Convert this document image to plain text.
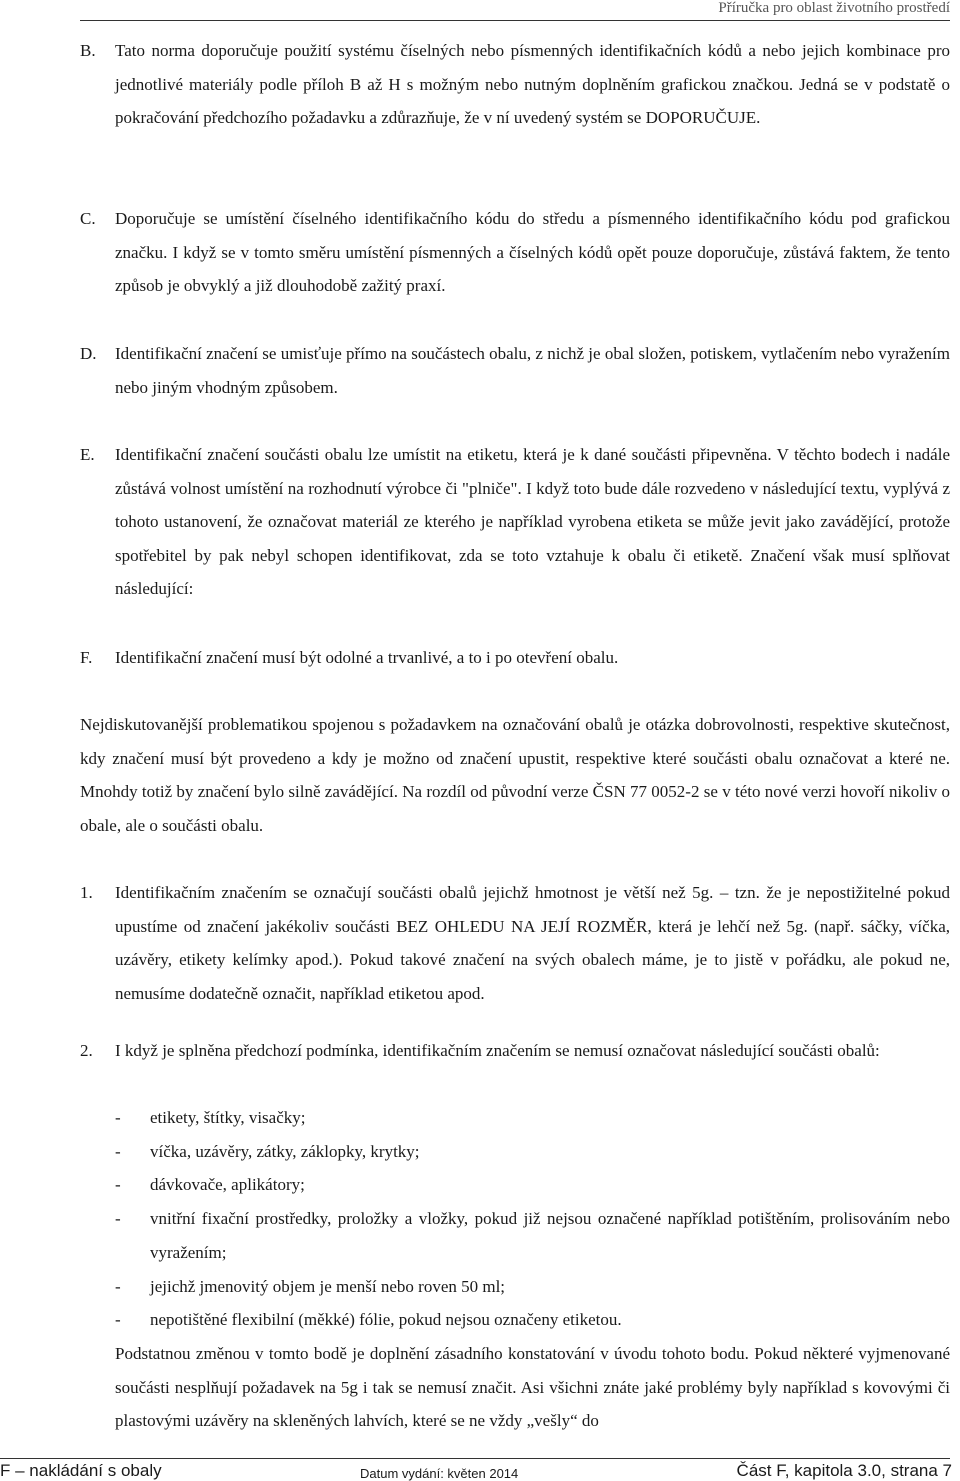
Příručka pro oblast životního prostředí
B. Tato norma doporučuje použití systému číselných nebo písmenných identifikačních kódů a nebo jejich kombinace pro jednotlivé materiály podle příloh B až H s možným nebo nutným doplněním grafickou značkou. Jedná se v podstatě o pokračování předchozího požadavku a zdůrazňuje, že v ní uvedený systém se DOPORUČUJE.
C. Doporučuje se umístění číselného identifikačního kódu do středu a písmenného identifikačního kódu pod grafickou značku. I když se v tomto směru umístění písmenných a číselných kódů opět pouze doporučuje, zůstává faktem, že tento způsob je obvyklý a již dlouhodobě zažitý praxí.
D. Identifikační značení se umisťuje přímo na součástech obalu, z nichž je obal složen, potiskem, vytlačením nebo vyražením nebo jiným vhodným způsobem.
E. Identifikační značení součásti obalu lze umístit na etiketu, která je k dané součásti připevněna. V těchto bodech i nadále zůstává volnost umístění na rozhodnutí výrobce či "plniče". I když toto bude dále rozvedeno v následující textu, vyplývá z tohoto ustanovení, že označovat materiál ze kterého je například vyrobena etiketa se může jevit jako zavádějící, protože spotřebitel by pak nebyl schopen identifikovat, zda se toto vztahuje k obalu či etiketě. Značení však musí splňovat následující:
F. Identifikační značení musí být odolné a trvanlivé, a to i po otevření obalu.

Nejdiskutovanější problematikou spojenou s požadavkem na označování obalů je otázka dobrovolnosti, respektive skutečnost, kdy značení musí být provedeno a kdy je možno od značení upustit, respektive které součásti obalu označovat a které ne. Mnohdy totiž by značení bylo silně zavádějící. Na rozdíl od původní verze ČSN 77 0052-2 se v této nové verzi hovoří nikoliv o obale, ale o součásti obalu.

1. Identifikačním značením se označují součásti obalů jejichž hmotnost je větší než 5g. – tzn. že je nepostižitelné pokud upustíme od značení jakékoliv součásti BEZ OHLEDU NA JEJÍ ROZMĚR, která je lehčí než 5g. (např. sáčky, víčka, uzávěry, etikety kelímky apod.). Pokud takové značení na svých obalech máme, je to jistě v pořádku, ale pokud ne, nemusíme dodatečně označit, například etiketou apod.
2. I když je splněna předchozí podmínka, identifikačním značením se nemusí označovat následující součásti obalů:
- etikety, štítky, visačky;
- víčka, uzávěry, zátky, záklopky, krytky;
- dávkovače, aplikátory;
- vnitřní fixační prostředky, proložky a vložky, pokud již nejsou označené například potištěním, prolisováním nebo vyražením;
- jejichž jmenovitý objem je menší nebo roven 50 ml;
- nepotištěné flexibilní (měkké) fólie, pokud nejsou označeny etiketou.

Podstatnou změnou v tomto bodě je doplnění zásadního konstatování v úvodu tohoto bodu. Pokud některé vyjmenované součásti nesplňují požadavek na 5g i tak se nemusí značit. Asi všichni znáte jaké problémy byly například s kovovými či plastovými uzávěry na skleněných lahvích, které se ne vždy „vešly“ do

F – nakládání s obaly	Datum vydání: květen 2014	Část F, kapitola 3.0, strana 7
